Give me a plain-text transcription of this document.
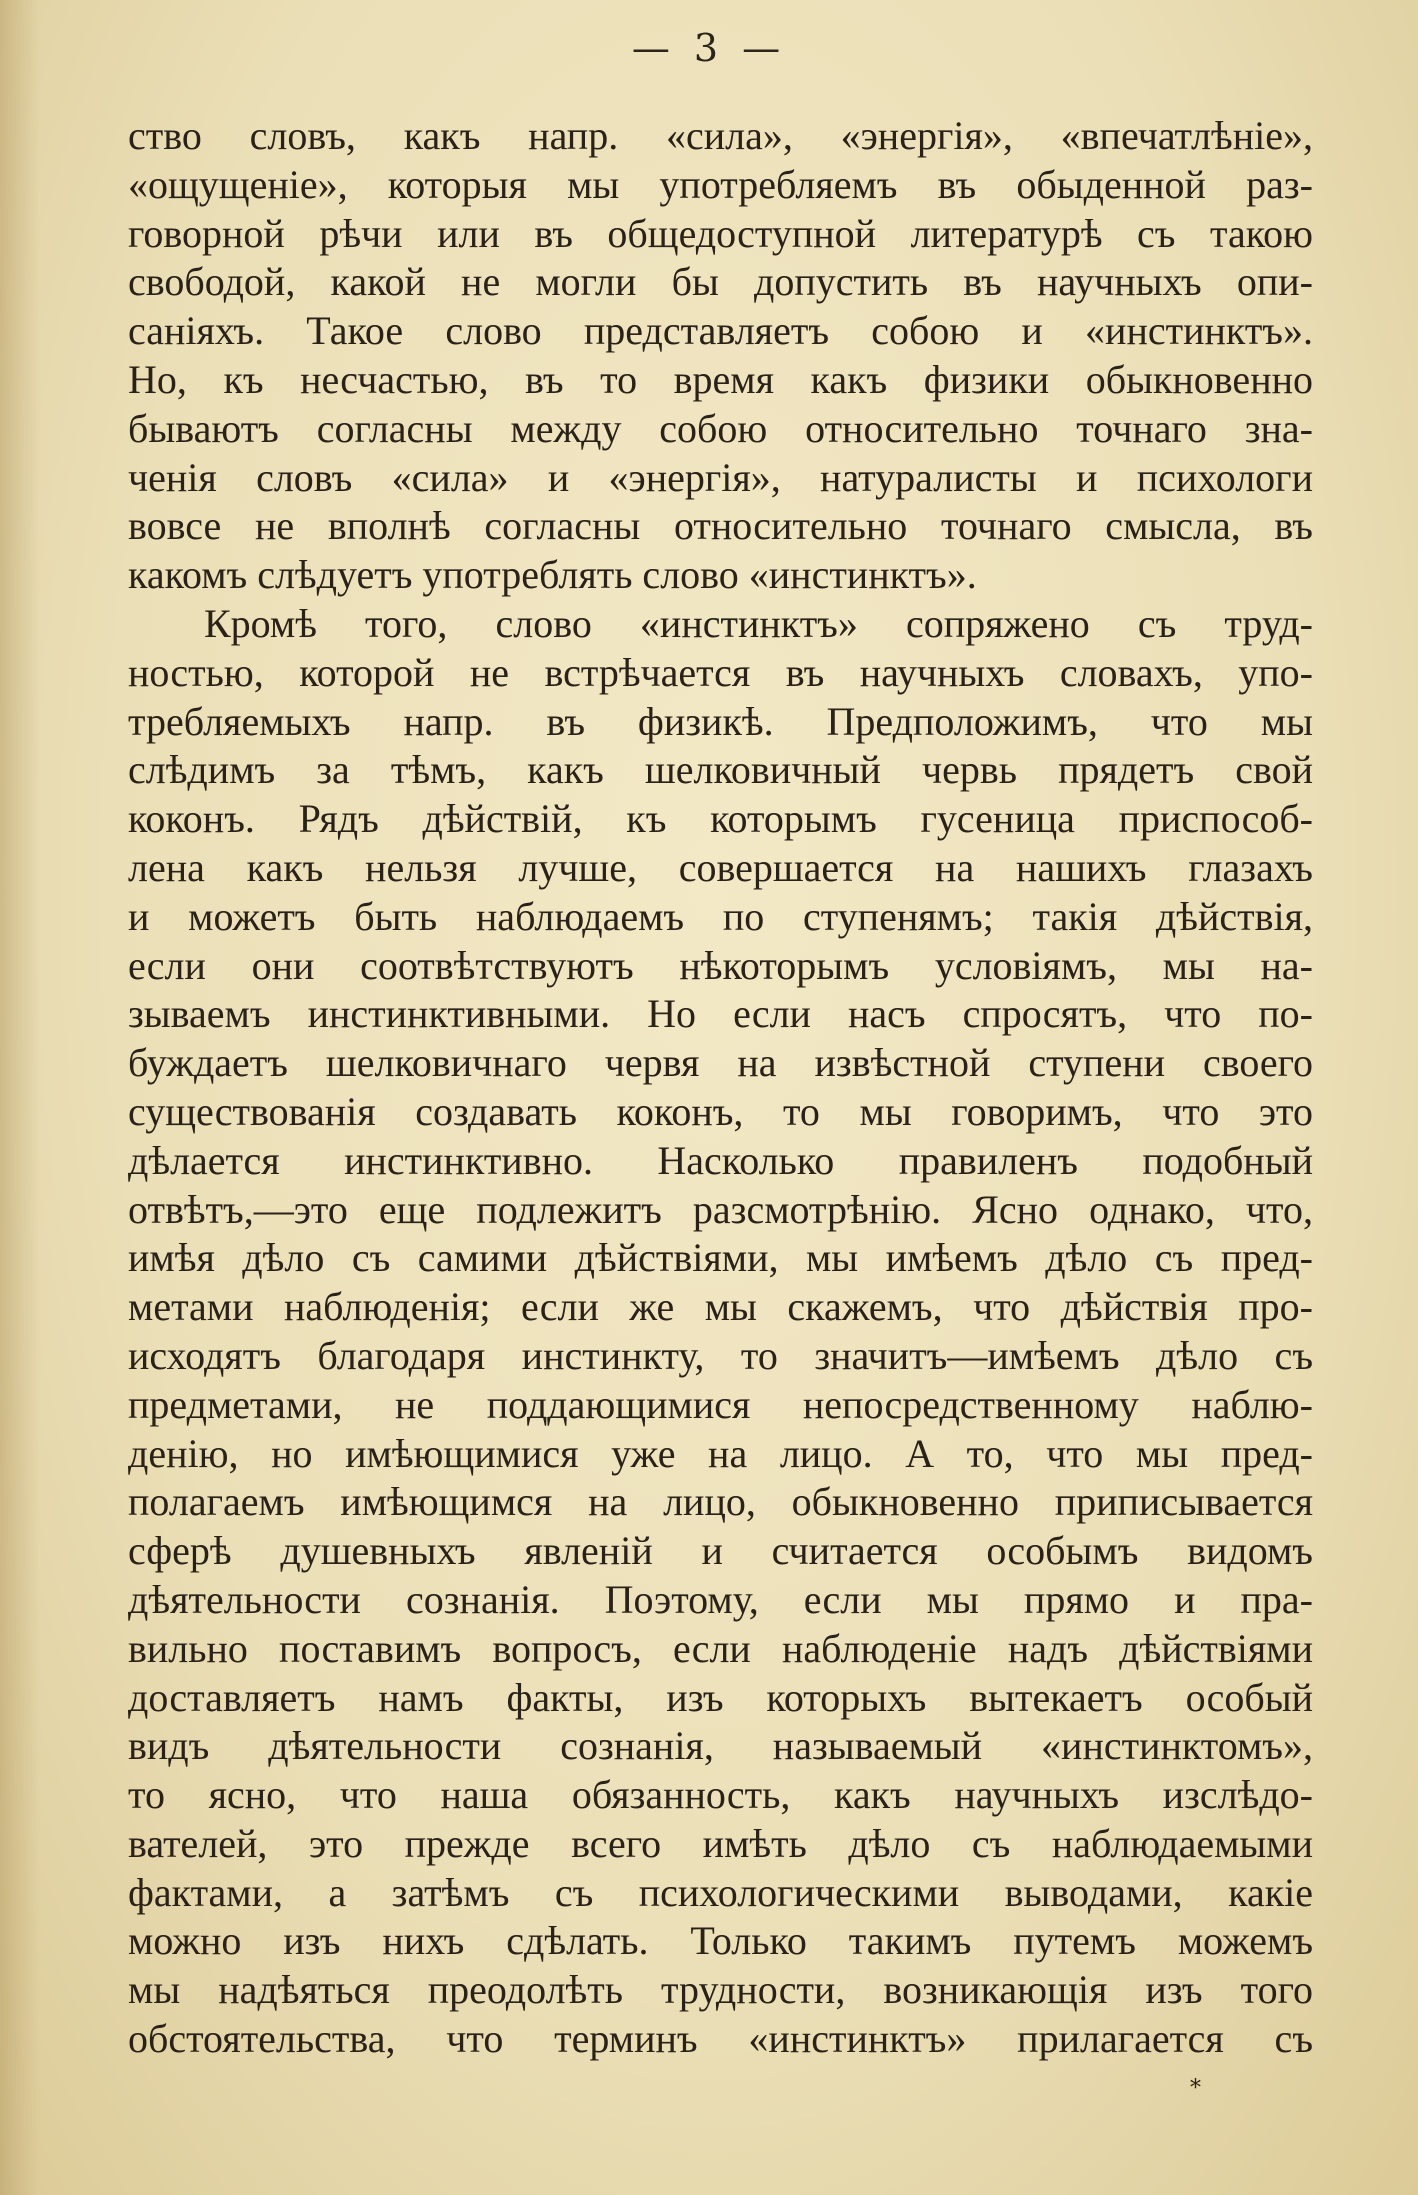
— 3 —
ство словъ, какъ напр. «сила», «энергія», «впечатлѣніе»,
«ощущеніе», которыя мы употребляемъ въ обыденной раз-
говорной рѣчи или въ общедоступной литературѣ съ такою
свободой, какой не могли бы допустить въ научныхъ опи-
саніяхъ. Такое слово представляетъ собою и «инстинктъ».
Но, къ несчастью, въ то время какъ физики обыкновенно
бываютъ согласны между собою относительно точнаго зна-
ченія словъ «сила» и «энергія», натуралисты и психологи
вовсе не вполнѣ согласны относительно точнаго смысла, въ
какомъ слѣдуетъ употреблять слово «инстинктъ».
Кромѣ того, слово «инстинктъ» сопряжено съ труд-
ностью, которой не встрѣчается въ научныхъ словахъ, упо-
требляемыхъ напр. въ физикѣ. Предположимъ, что мы
слѣдимъ за тѣмъ, какъ шелковичный червь прядетъ свой
коконъ. Рядъ дѣйствій, къ которымъ гусеница приспособ-
лена какъ нельзя лучше, совершается на нашихъ глазахъ
и можетъ быть наблюдаемъ по ступенямъ; такія дѣйствія,
если они соотвѣтствуютъ нѣкоторымъ условіямъ, мы на-
зываемъ инстинктивными. Но если насъ спросятъ, что по-
буждаетъ шелковичнаго червя на извѣстной ступени своего
существованія создавать коконъ, то мы говоримъ, что это
дѣлается инстинктивно. Насколько правиленъ подобный
отвѣтъ,—это еще подлежитъ разсмотрѣнію. Ясно однако, что,
имѣя дѣло съ самими дѣйствіями, мы имѣемъ дѣло съ пред-
метами наблюденія; если же мы скажемъ, что дѣйствія про-
исходятъ благодаря инстинкту, то значитъ—имѣемъ дѣло съ
предметами, не поддающимися непосредственному наблю-
денію, но имѣющимися уже на лицо. А то, что мы пред-
полагаемъ имѣющимся на лицо, обыкновенно приписывается
сферѣ душевныхъ явленій и считается особымъ видомъ
дѣятельности сознанія. Поэтому, если мы прямо и пра-
вильно поставимъ вопросъ, если наблюденіе надъ дѣйствіями
доставляетъ намъ факты, изъ которыхъ вытекаетъ особый
видъ дѣятельности сознанія, называемый «инстинктомъ»,
то ясно, что наша обязанность, какъ научныхъ изслѣдо-
вателей, это прежде всего имѣть дѣло съ наблюдаемыми
фактами, а затѣмъ съ психологическими выводами, какіе
можно изъ нихъ сдѣлать. Только такимъ путемъ можемъ
мы надѣяться преодолѣть трудности, возникающія изъ того
обстоятельства, что терминъ «инстинктъ» прилагается съ
*
